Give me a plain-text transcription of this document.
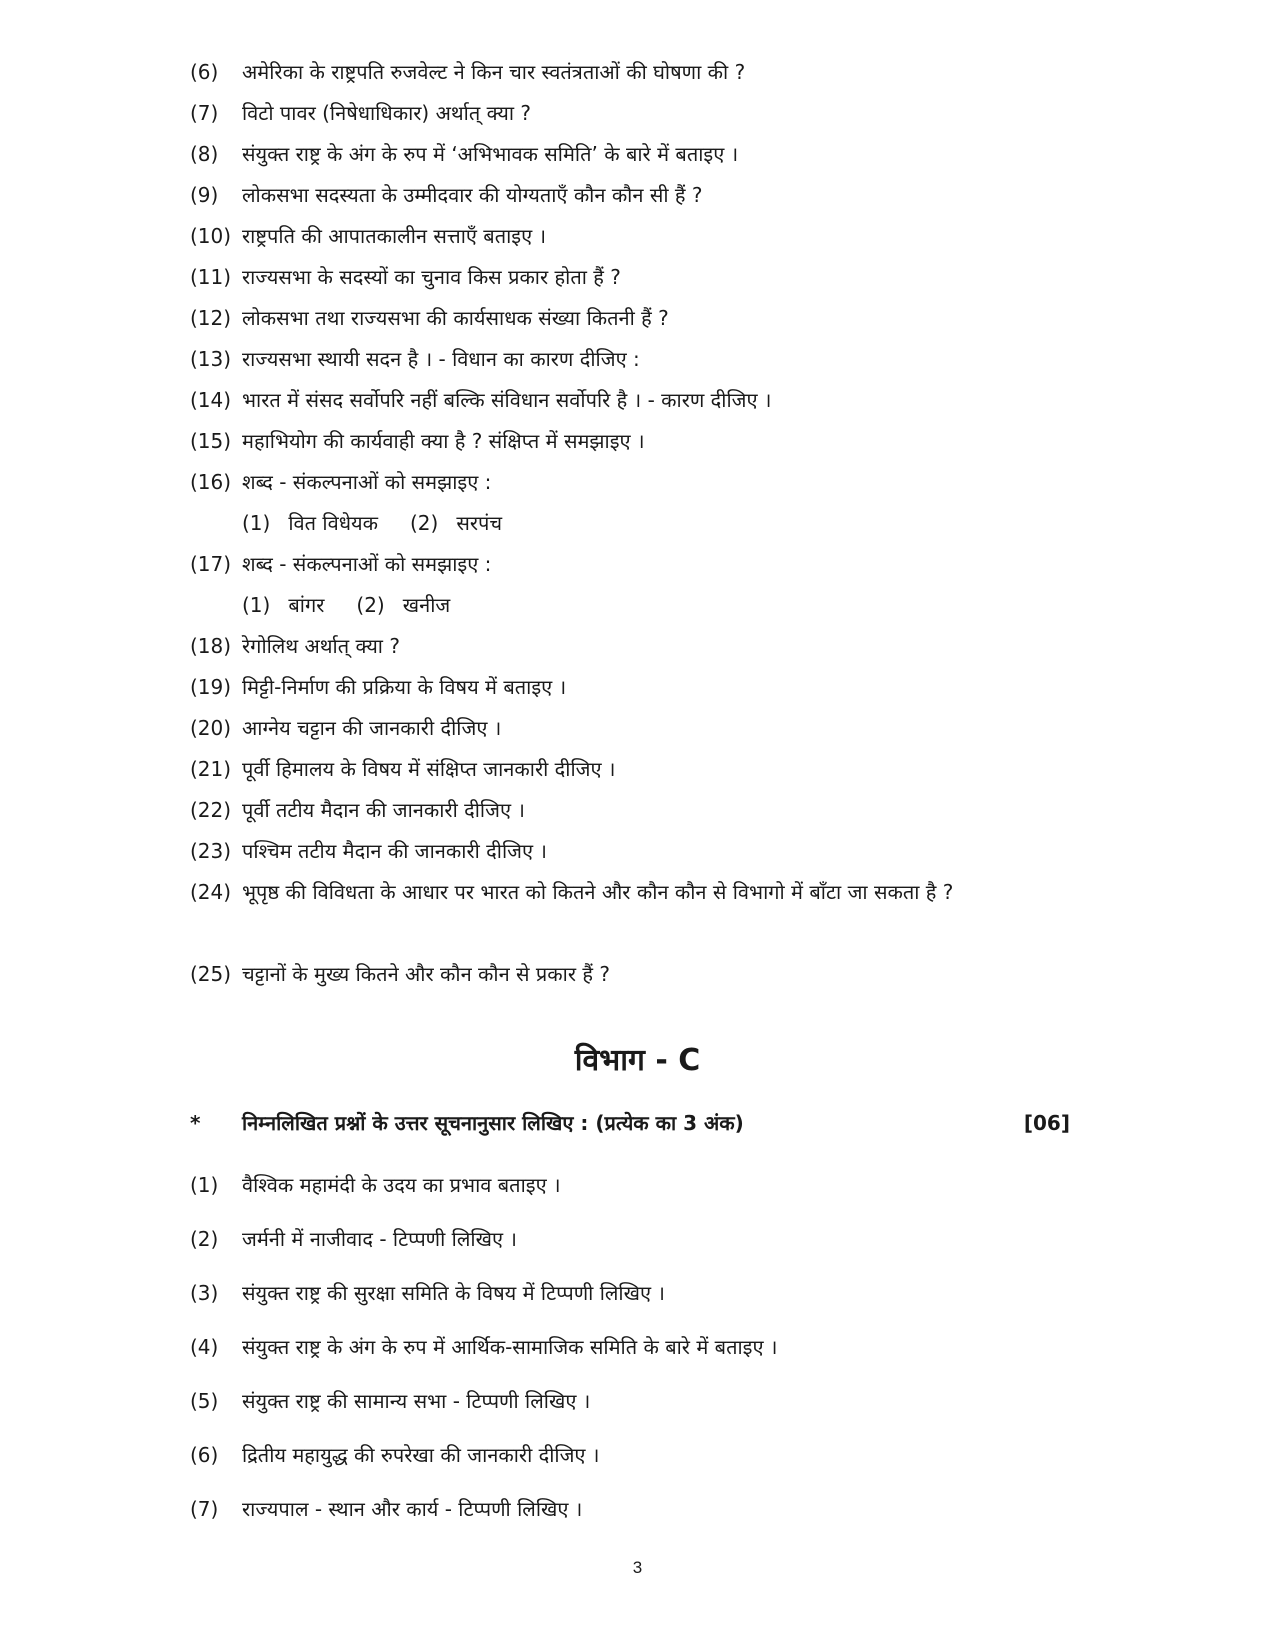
(6)	अमेरिका के राष्ट्रपति रुजवेल्ट ने किन चार स्वतंत्रताओं की घोषणा की ?
(7)	विटो पावर (निषेधाधिकार) अर्थात् क्या ?
(8)	संयुक्त राष्ट्र के अंग के रुप में ‘अभिभावक समिति’ के बारे में बताइए ।
(9)	लोकसभा सदस्यता के उम्मीदवार की योग्यताएँ कौन कौन सी हैं ?
(10) राष्ट्रपति की आपातकालीन सत्ताएँ बताइए ।
(11) राज्यसभा के सदस्यों का चुनाव किस प्रकार होता हैं ?
(12) लोकसभा तथा राज्यसभा की कार्यसाधक संख्या कितनी हैं ?
(13) राज्यसभा स्थायी सदन है । - विधान का कारण दीजिए :
(14) भारत में संसद सर्वोपरि नहीं बल्कि संविधान सर्वोपरि है । - कारण दीजिए ।
(15) महाभियोग की कार्यवाही क्या है ? संक्षिप्त में समझाइए ।
(16) शब्द - संकल्पनाओं को समझाइए :
(1) वित विधेयक (2) सरपंच
(17) शब्द - संकल्पनाओं को समझाइए :
(1) बांगर (2) खनीज
(18) रेगोलिथ अर्थात् क्या ?
(19) मिट्टी-निर्माण की प्रक्रिया के विषय में बताइए ।
(20) आग्नेय चट्टान की जानकारी दीजिए ।
(21) पूर्वी हिमालय के विषय में संक्षिप्त जानकारी दीजिए ।
(22) पूर्वी तटीय मैदान की जानकारी दीजिए ।
(23) पश्चिम तटीय मैदान की जानकारी दीजिए ।
(24) भूपृष्ठ की विविधता के आधार पर भारत को कितने और कौन कौन से विभागो में बाँटा जा सकता है ?
(25) चट्टानों के मुख्य कितने और कौन कौन से प्रकार हैं ?
विभाग - C
*	निम्नलिखित प्रश्नों के उत्तर सूचनानुसार लिखिए : (प्रत्येक का 3 अंक)	[06]
(1)	वैश्विक महामंदी के उदय का प्रभाव बताइए ।
(2)	जर्मनी में नाजीवाद - टिप्पणी लिखिए ।
(3)	संयुक्त राष्ट्र की सुरक्षा समिति के विषय में टिप्पणी लिखिए ।
(4)	संयुक्त राष्ट्र के अंग के रुप में आर्थिक-सामाजिक समिति के बारे में बताइए ।
(5)	संयुक्त राष्ट्र की सामान्य सभा - टिप्पणी लिखिए ।
(6)	द्रितीय महायुद्ध की रुपरेखा की जानकारी दीजिए ।
(7)	राज्यपाल - स्थान और कार्य - टिप्पणी लिखिए ।
3
